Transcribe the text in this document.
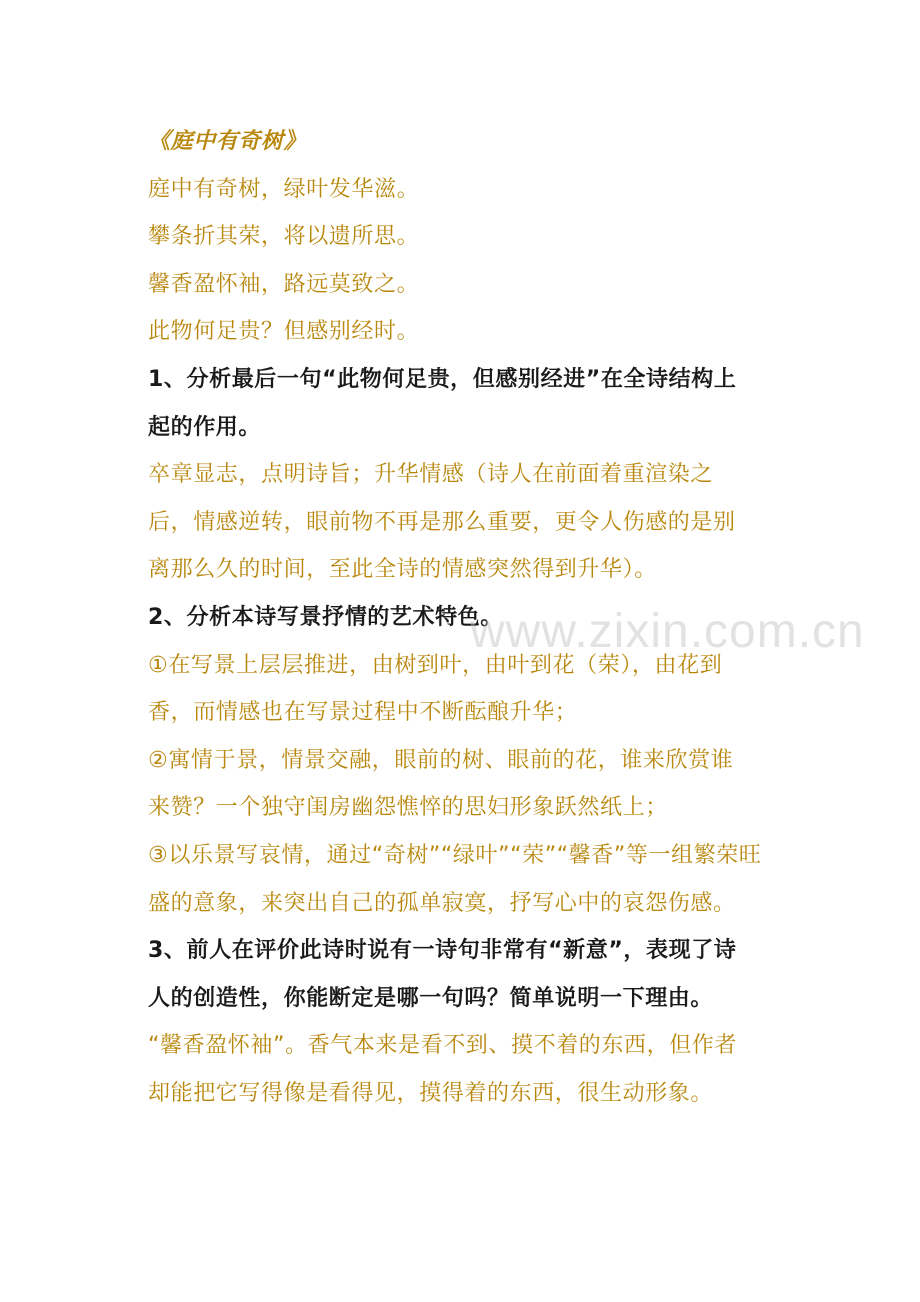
《庭中有奇树》
庭中有奇树，绿叶发华滋。
攀条折其荣，将以遗所思。
馨香盈怀袖，路远莫致之。
此物何足贵？但感别经时。
1、分析最后一句“此物何足贵，但感别经进”在全诗结构上
起的作用。
卒章显志，点明诗旨；升华情感（诗人在前面着重渲染之
后，情感逆转，眼前物不再是那么重要，更令人伤感的是别
离那么久的时间，至此全诗的情感突然得到升华）。
2、分析本诗写景抒情的艺术特色。
①在写景上层层推进，由树到叶，由叶到花（荣），由花到
香，而情感也在写景过程中不断酝酿升华；
②寓情于景，情景交融，眼前的树、眼前的花，谁来欣赏谁
来赞？一个独守闺房幽怨憔悴的思妇形象跃然纸上；
③以乐景写哀情，通过“奇树”“绿叶”“荣”“馨香”等一组繁荣旺
盛的意象，来突出自己的孤单寂寞，抒写心中的哀怨伤感。
3、前人在评价此诗时说有一诗句非常有“新意”，表现了诗
人的创造性，你能断定是哪一句吗？简单说明一下理由。
“馨香盈怀袖”。香气本来是看不到、摸不着的东西，但作者
却能把它写得像是看得见，摸得着的东西，很生动形象。
www.zixin.com.cn
